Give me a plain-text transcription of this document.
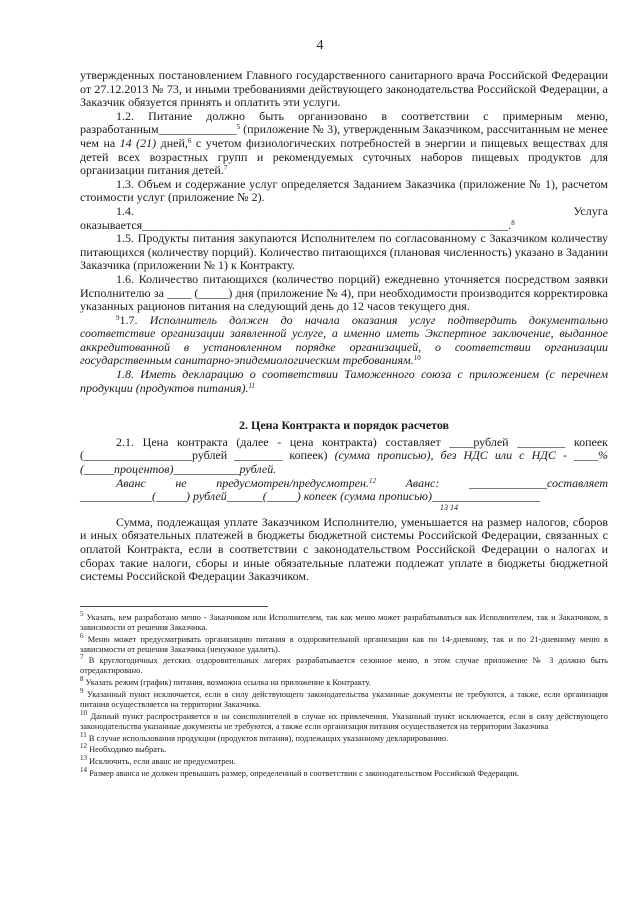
4

утвержденных постановлением Главного государственного санитарного врача Российской Федерации от 27.12.2013 № 73, и иными требованиями действующего законодательства Российской Федерации, а Заказчик обязуется принять и оплатить эти услуги.

1.2. Питание должно быть организовано в соответствии с примерным меню, разработанным_____________$^5$ (приложение № 3), утвержденным Заказчиком, рассчитанным не менее чем на 14 (21) дней,$^6$ с учетом физиологических потребностей в энергии и пищевых веществах для детей всех возрастных групп и рекомендуемых суточных наборов пищевых продуктов для организации питания детей.$^7$

1.3. Объем и содержание услуг определяется Заданием Заказчика (приложение № 1), расчетом стоимости услуг (приложение № 2).

1.4. Услуга оказывается_____________________________________________________________.$^8$

1.5. Продукты питания закупаются Исполнителем по согласованному с Заказчиком количеству питающихся (количеству порций). Количество питающихся (плановая численность) указано в Задании Заказчика (приложении № 1) к Контракту.

1.6. Количество питающихся (количество порций) ежедневно уточняется посредством заявки Исполнителю за ____ (_____) дня (приложение № 4), при необходимости производится корректировка указанных рационов питания на следующий день до 12 часов текущего дня.

$^9$1.7. Исполнитель должен до начала оказания услуг подтвердить документально соответствие организации заявленной услуге, а именно иметь Экспертное заключение, выданное аккредитованной в установленном порядке организацией, о соответствии организации государственным санитарно-эпидемиологическим требованиям.$^{10}$

1.8. Иметь декларацию о соответствии Таможенного союза с приложением (с перечнем продукции (продуктов питания).$^{11}$

2. Цена Контракта и порядок расчетов

2.1. Цена контракта (далее - цена контракта) составляет ____рублей ________ копеек (__________________рублей ________ копеек) (сумма прописью), без НДС или с НДС - ____% (_____процентов)___________рублей.

Аванс не предусмотрен/предусмотрен.$^{12}$ Аванс: _____________составляет ____________(_____) рублей______(_____) копеек (сумма прописью)__________________

13 14

Сумма, подлежащая уплате Заказчиком Исполнителю, уменьшается на размер налогов, сборов и иных обязательных платежей в бюджеты бюджетной системы Российской Федерации, связанных с оплатой Контракта, если в соответствии с законодательством Российской Федерации о налогах и сборах такие налоги, сборы и иные обязательные платежи подлежат уплате в бюджеты бюджетной системы Российской Федерации Заказчиком.

$^5$ Указать, кем разработано меню - Заказчиком или Исполнителем, так как меню может разрабатываться как Исполнителем, так и Заказчиком, в зависимости от решения Заказчика.

$^6$ Меню может предусматривать организацию питания в оздоровительной организации как по 14-дневному, так и по 21-дневному меню в зависимости от решения Заказчика (ненужное удалить).

$^7$ В круглогодичных детских оздоровительных лагерях разрабатывается сезонное меню, в этом случае приложение № 3 должно быть отредактировано.

$^8$ Указать режим (график) питания, возможна ссылка на приложение к Контракту.

$^9$ Указанный пункт исключается, если в силу действующего законодательства указанные документы не требуются, а также, если организация питания осуществляется на территории Заказчика.

$^{10}$ Данный пункт распространяется и на соисполнителей в случае их привлечения. Указанный пункт исключается, если в силу действующего законодательства указанные документы не требуются, а также если организация питания осуществляется на территории Заказчика

$^{11}$ В случае использования продукции (продуктов питания), подлежащих указанному декларированию.

$^{12}$ Необходимо выбрать.

$^{13}$ Исключить, если аванс не предусмотрен.

$^{14}$ Размер аванса не должен превышать размер, определенный в соответствии с законодательством Российской Федерации.
